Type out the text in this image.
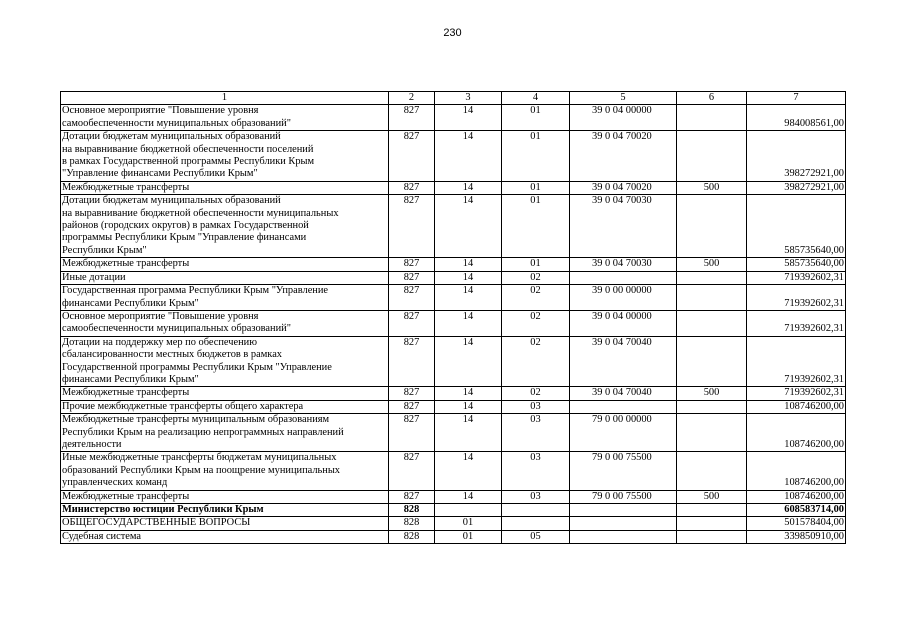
230
1	2	3	4	5	6	7

Основное мероприятие "Повышение уровня
самообеспеченности муниципальных образований"	827	14	01	39 0 04 00000		984008561,00

Дотации бюджетам муниципальных образований
на выравнивание бюджетной обеспеченности поселений
в рамках Государственной программы Республики Крым
"Управление финансами Республики Крым"	827	14	01	39 0 04 70020		398272921,00

Межбюджетные трансферты	827	14	01	39 0 04 70020	500	398272921,00

Дотации бюджетам муниципальных образований
на выравнивание бюджетной обеспеченности муниципальных
районов (городских округов) в рамках Государственной
программы Республики Крым "Управление финансами
Республики Крым"	827	14	01	39 0 04 70030		585735640,00

Межбюджетные трансферты	827	14	01	39 0 04 70030	500	585735640,00

Иные дотации	827	14	02			719392602,31

Государственная программа Республики Крым "Управление
финансами Республики Крым"	827	14	02	39 0 00 00000		719392602,31

Основное мероприятие "Повышение уровня
самообеспеченности муниципальных образований"	827	14	02	39 0 04 00000		719392602,31

Дотации на поддержку мер по обеспечению
сбалансированности местных бюджетов в рамках
Государственной программы Республики Крым "Управление
финансами Республики Крым"	827	14	02	39 0 04 70040		719392602,31

Межбюджетные трансферты	827	14	02	39 0 04 70040	500	719392602,31

Прочие межбюджетные трансферты общего характера	827	14	03			108746200,00

Межбюджетные трансферты муниципальным образованиям
Республики Крым на реализацию непрограммных направлений
деятельности	827	14	03	79 0 00 00000		108746200,00

Иные межбюджетные трансферты бюджетам муниципальных
образований Республики Крым на поощрение муниципальных
управленческих команд	827	14	03	79 0 00 75500		108746200,00

Межбюджетные трансферты	827	14	03	79 0 00 75500	500	108746200,00

Министерство юстиции Республики Крым	828					608583714,00

ОБЩЕГОСУДАРСТВЕННЫЕ ВОПРОСЫ	828	01				501578404,00

Судебная система	828	01	05			339850910,00
